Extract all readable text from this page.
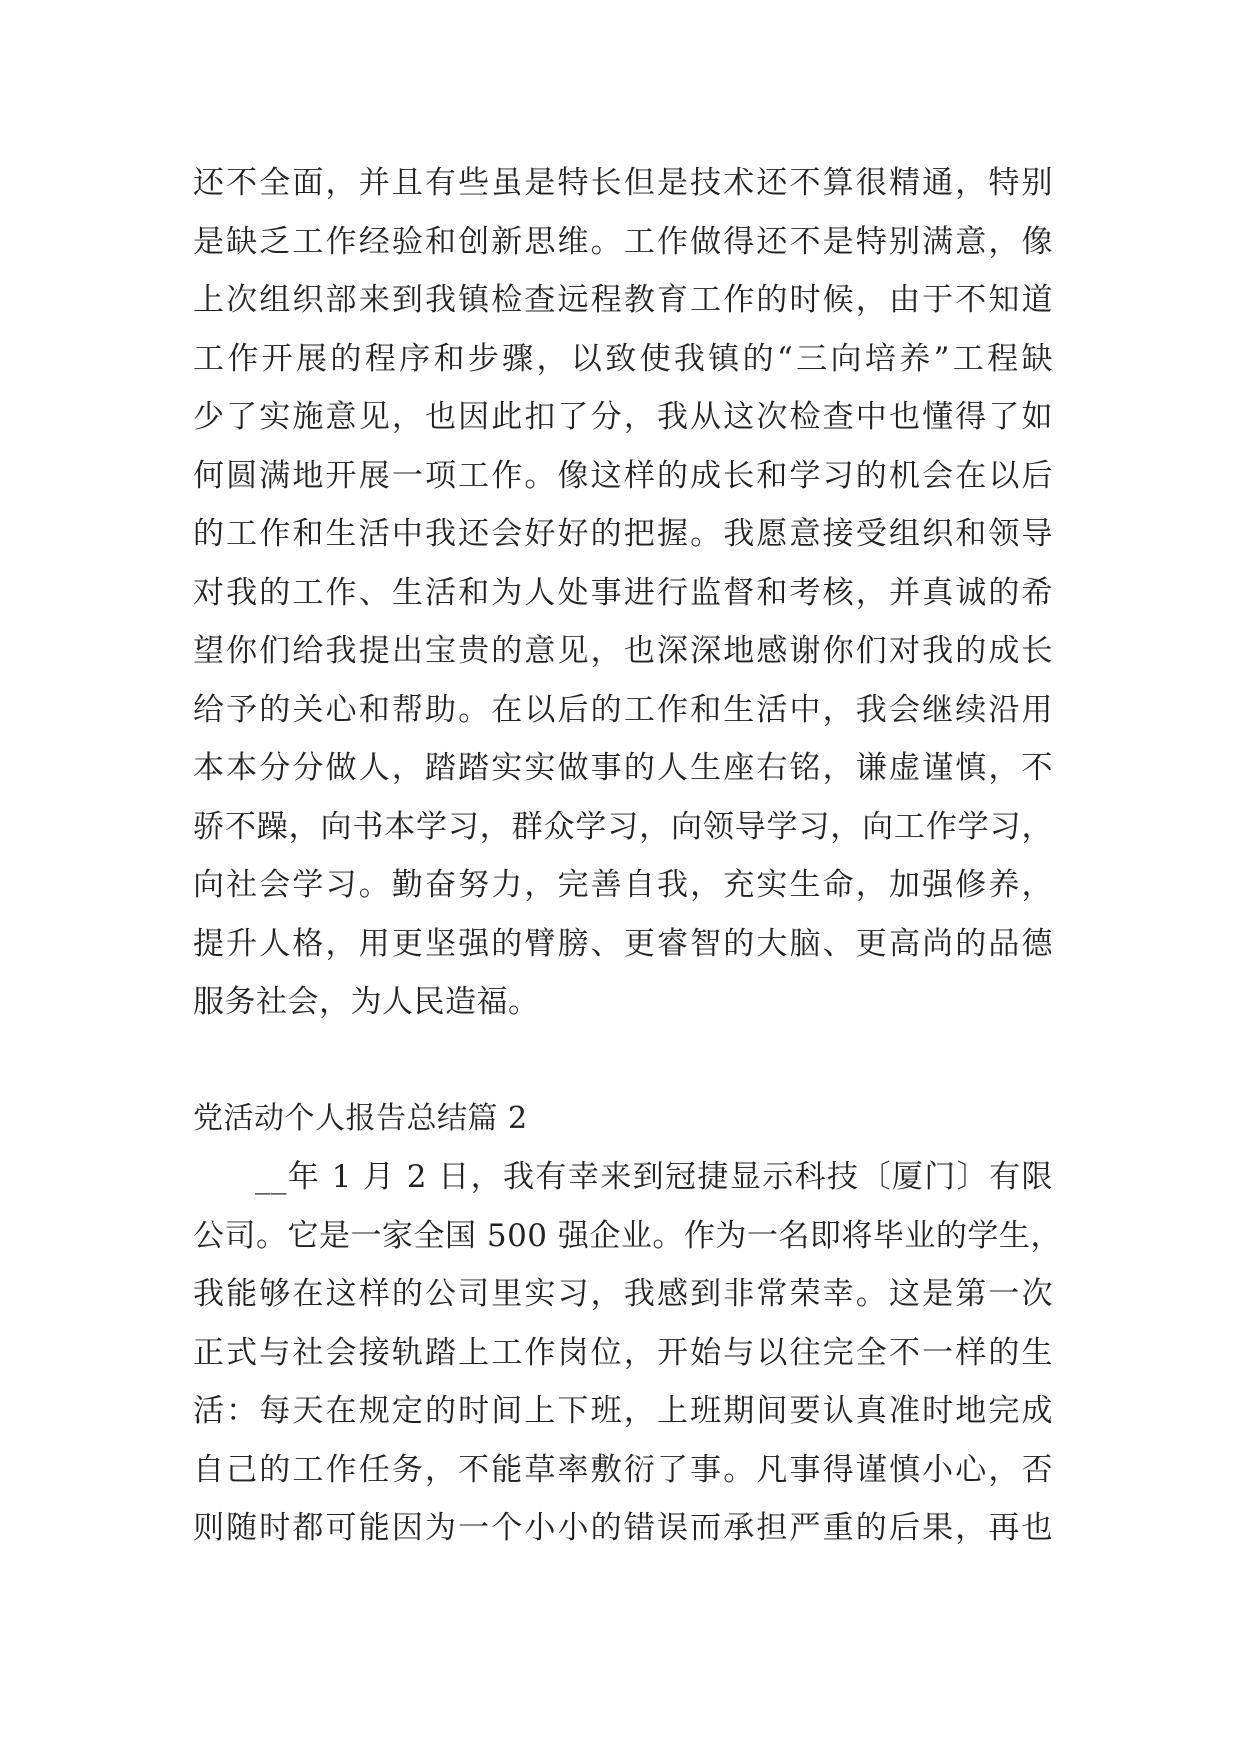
还不全面，并且有些虽是特长但是技术还不算很精通，特别
是缺乏工作经验和创新思维。工作做得还不是特别满意，像
上次组织部来到我镇检查远程教育工作的时候，由于不知道
工作开展的程序和步骤，以致使我镇的“三向培养”工程缺
少了实施意见，也因此扣了分，我从这次检查中也懂得了如
何圆满地开展一项工作。像这样的成长和学习的机会在以后
的工作和生活中我还会好好的把握。我愿意接受组织和领导
对我的工作、生活和为人处事进行监督和考核，并真诚的希
望你们给我提出宝贵的意见，也深深地感谢你们对我的成长
给予的关心和帮助。在以后的工作和生活中，我会继续沿用
本本分分做人，踏踏实实做事的人生座右铭，谦虚谨慎，不
骄不躁，向书本学习，群众学习，向领导学习，向工作学习，
向社会学习。勤奋努力，完善自我，充实生命，加强修养，
提升人格，用更坚强的臂膀、更睿智的大脑、更高尚的品德
服务社会，为人民造福。
党活动个人报告总结篇 2
__年 1 月 2 日，我有幸来到冠捷显示科技〔厦门〕有限
公司。它是一家全国 500 强企业。作为一名即将毕业的学生，
我能够在这样的公司里实习，我感到非常荣幸。这是第一次
正式与社会接轨踏上工作岗位，开始与以往完全不一样的生
活：每天在规定的时间上下班，上班期间要认真准时地完成
自己的工作任务，不能草率敷衍了事。凡事得谨慎小心，否
则随时都可能因为一个小小的错误而承担严重的后果，再也
